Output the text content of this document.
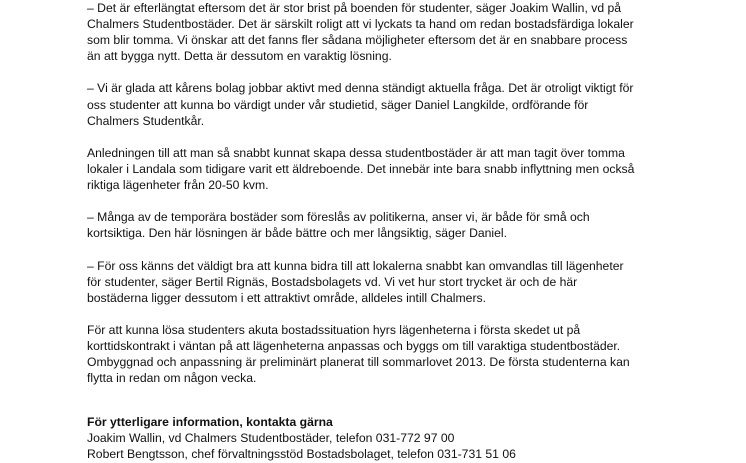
– Det är efterlängtat eftersom det är stor brist på boenden för studenter, säger Joakim Wallin, vd på
Chalmers Studentbostäder. Det är särskilt roligt att vi lyckats ta hand om redan bostadsfärdiga lokaler
som blir tomma. Vi önskar att det fanns fler sådana möjligheter eftersom det är en snabbare process
än att bygga nytt. Detta är dessutom en varaktig lösning.
– Vi är glada att kårens bolag jobbar aktivt med denna ständigt aktuella fråga. Det är otroligt viktigt för
oss studenter att kunna bo värdigt under vår studietid, säger Daniel Langkilde, ordförande för
Chalmers Studentkår.
Anledningen till att man så snabbt kunnat skapa dessa studentbostäder är att man tagit över tomma
lokaler i Landala som tidigare varit ett äldreboende. Det innebär inte bara snabb inflyttning men också
riktiga lägenheter från 20-50 kvm.
– Många av de temporära bostäder som föreslås av politikerna, anser vi, är både för små och
kortsiktiga. Den här lösningen är både bättre och mer långsiktig, säger Daniel.
– För oss känns det väldigt bra att kunna bidra till att lokalerna snabbt kan omvandlas till lägenheter
för studenter, säger Bertil Rignäs, Bostadsbolagets vd. Vi vet hur stort trycket är och de här
bostäderna ligger dessutom i ett attraktivt område, alldeles intill Chalmers.
För att kunna lösa studenters akuta bostadssituation hyrs lägenheterna i första skedet ut på
korttidskontrakt i väntan på att lägenheterna anpassas och byggs om till varaktiga studentbostäder.
Ombyggnad och anpassning är preliminärt planerat till sommarlovet 2013. De första studenterna kan
flytta in redan om någon vecka.
För ytterligare information, kontakta gärna
Joakim Wallin, vd Chalmers Studentbostäder, telefon 031-772 97 00
Robert Bengtsson, chef förvaltningsstöd Bostadsbolaget, telefon 031-731 51 06
